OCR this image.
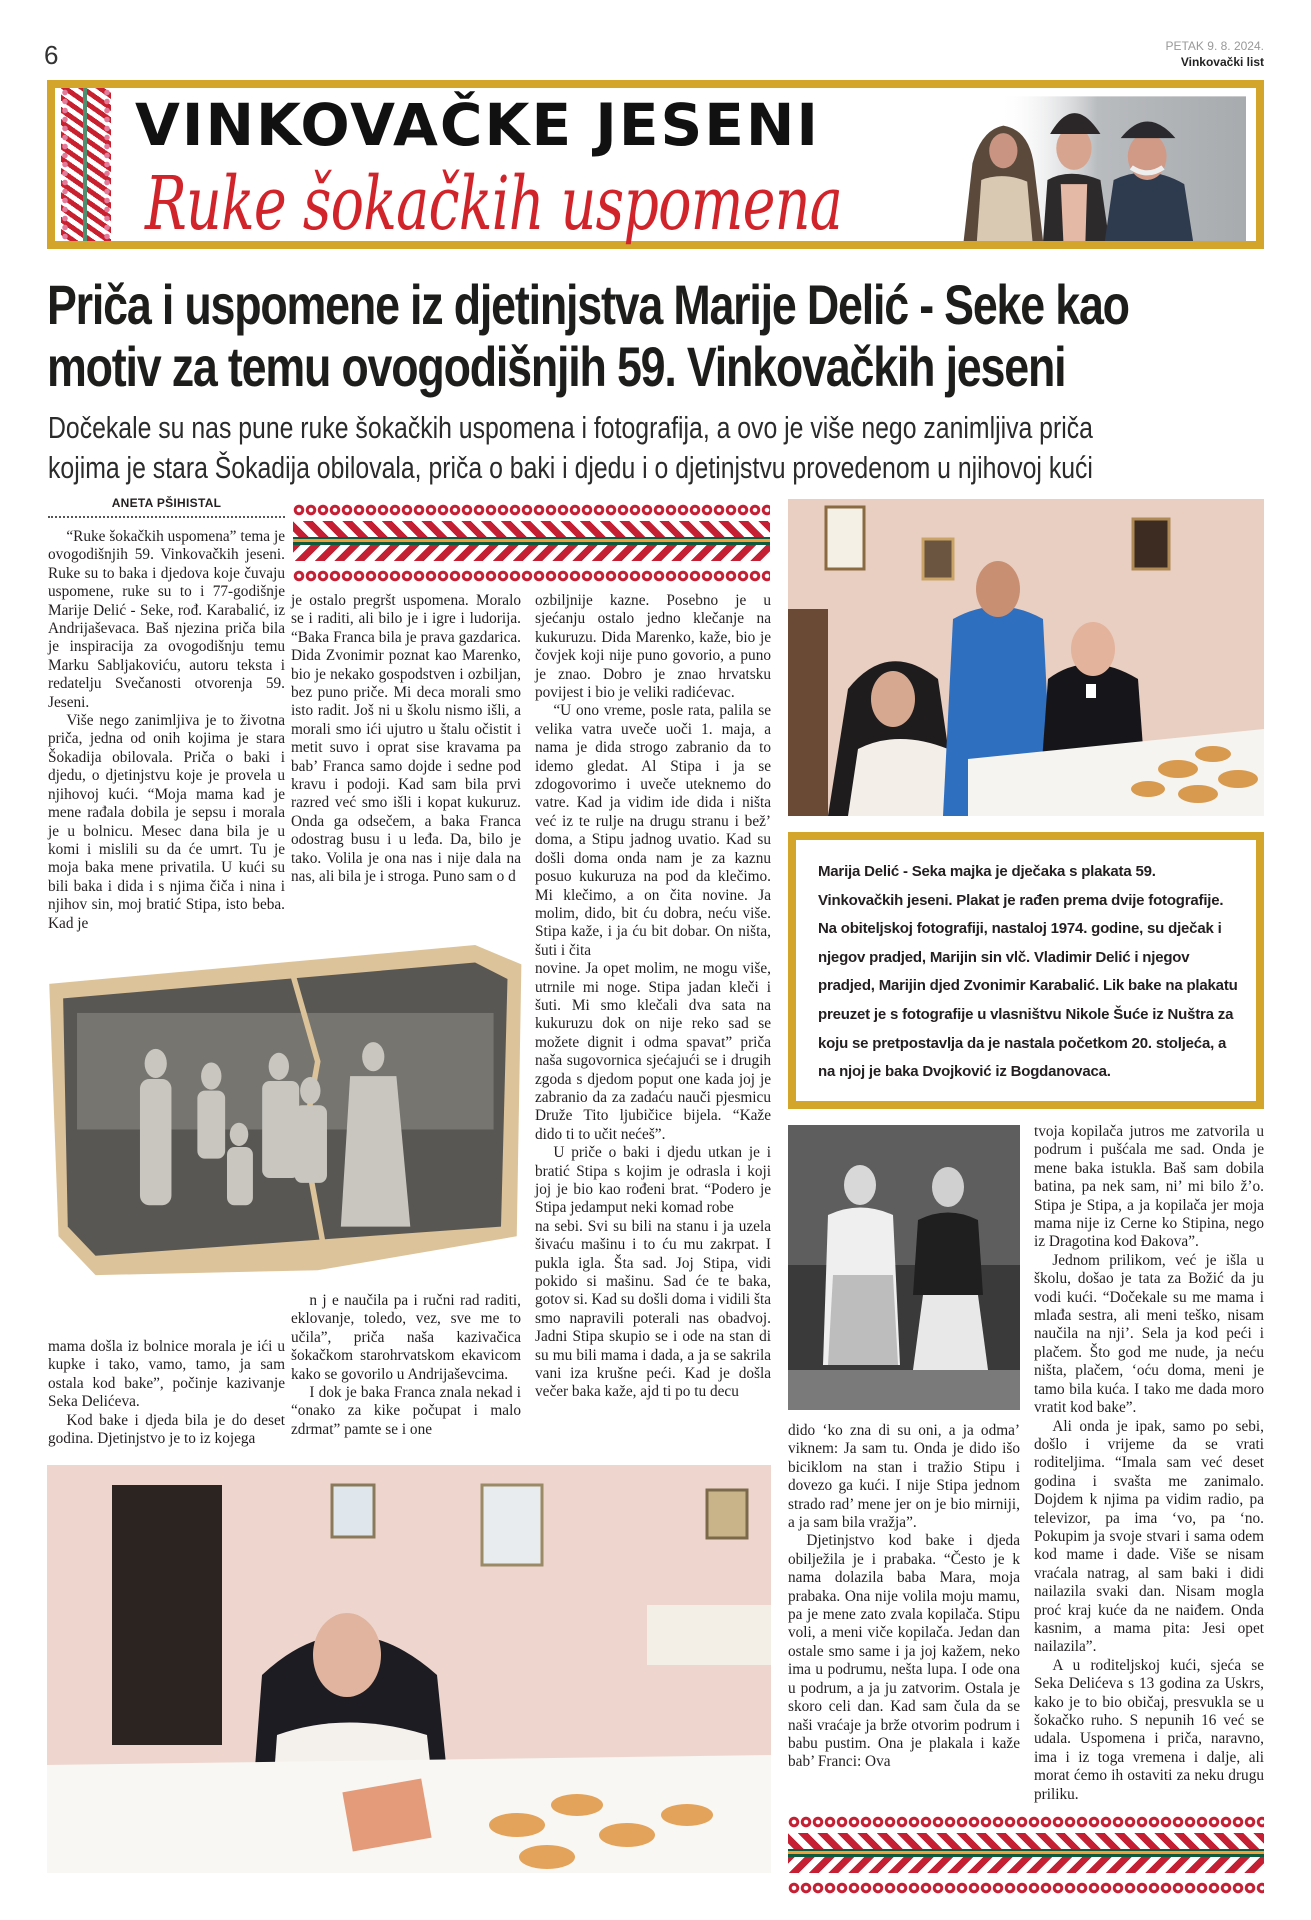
6	PETAK 9. 8. 2024.
Vinkovački list
VINKOVAČKE JESENI
Ruke šokačkih uspomena
Priča i uspomene iz djetinjstva Marije Delić - Seke kao
motiv za temu ovogodišnjih 59. Vinkovačkih jeseni
Dočekale su nas pune ruke šokačkih uspomena i fotografija, a ovo je više nego zanimljiva priča
kojima je stara Šokadija obilovala, priča o baki i djedu i o djetinjstvu provedenom u njihovoj kući
ANETA PŠIHISTAL

“Ruke šokačkih uspomena” tema je ovogodišnjih 59. Vinkovačkih jeseni. Ruke su to baka i djedova koje čuvaju uspomene, ruke su to i 77-godišnje Marije Delić - Seke, rođ. Karabalić, iz Andrijaševaca. Baš njezina priča bila je inspiracija za ovogodišnju temu Marku Sabljakoviću, autoru teksta i redatelju Svečanosti otvorenja 59. Jeseni.

Više nego zanimljiva je to životna priča, jedna od onih kojima je stara Šokadija obilovala. Priča o baki i djedu, o djetinjstvu koje je provela u njihovoj kući. “Moja mama kad je mene rađala dobila je sepsu i morala je u bolnicu. Mesec dana bila je u komi i mislili su da će umrt. Tu je moja baka mene privatila. U kući su bili baka i dida i s njima čiča i nina i njihov sin, moj bratić Stipa, isto beba. Kad je

mama došla iz bolnice morala je ići u kupke i tako, vamo, tamo, ja sam ostala kod bake”, počinje kazivanje Seka Delićeva.

Kod bake i djeda bila je do deset godina. Djetinjstvo je to iz kojega

je ostalo pregršt uspomena. Moralo se i raditi, ali bilo je i igre i ludorija. “Baka Franca bila je prava gazdarica. Dida Zvonimir poznat kao Marenko, bio je nekako gospodstven i ozbiljan, bez puno priče. Mi deca morali smo isto radit. Još ni u školu nismo išli, a morali smo ići ujutro u štalu očistit i metit suvo i oprat sise kravama pa bab’ Franca samo dojde i sedne pod kravu i podoji. Kad sam bila prvi razred već smo išli i kopat kukuruz. Onda ga odsečem, a baka Franca odostrag busu i u leđa. Da, bilo je tako. Volila je ona nas i nije dala na nas, ali bila je i stroga. Puno sam o d

n j e naučila pa i ručni rad raditi, eklovanje, toledo, vez, sve me to učila”, priča naša kazivačica šokačkom starohrvatskom ekavicom kako se govorilo u Andrijaševcima.

I dok je baka Franca znala nekad i “onako za kike počupat i malo zdrmat” pamte se i one

ozbiljnije kazne. Posebno je u sjećanju ostalo jedno klečanje na kukuruzu. Dida Marenko, kaže, bio je čovjek koji nije puno govorio, a puno je znao. Dobro je znao hrvatsku povijest i bio je veliki radićevac.

“U ono vreme, posle rata, palila se velika vatra uveče uoči 1. maja, a nama je dida strogo zabranio da to idemo gledat. Al Stipa i ja se zdogovorimo i uveče uteknemo do vatre. Kad ja vidim ide dida i ništa već iz te rulje na drugu stranu i bež’ doma, a Stipu jadnog uvatio. Kad su došli doma onda nam je za kaznu posuo kukuruza na pod da klečimo. Mi klečimo, a on čita novine. Ja molim, dido, bit ću dobra, neću više. Stipa kaže, i ja ću bit dobar. On ništa, šuti i čita

novine. Ja opet molim, ne mogu više, utrnile mi noge. Stipa jadan kleči i šuti. Mi smo klečali dva sata na kukuruzu dok on nije reko sad se možete dignit i odma spavat” priča naša sugovornica sjećajući se i drugih zgoda s djedom poput one kada joj je zabranio da za zadaću nauči pjesmicu Druže Tito ljubičice bijela. “Kaže dido ti to učit nećeš”.

U priče o baki i djedu utkan je i bratić Stipa s kojim je odrasla i koji joj je bio kao rođeni brat. “Podero je Stipa jedamput neki komad robe

na sebi. Svi su bili na stanu i ja uzela šivaću mašinu i to ću mu zakrpat. I pukla igla. Šta sad. Joj Stipa, vidi pokido si mašinu. Sad će te baka, gotov si. Kad su došli doma i vidili šta smo napravili poterali nas obadvoj. Jadni Stipa skupio se i ode na stan di su mu bili mama i dada, a ja se sakrila vani iza krušne peći. Kad je došla večer baka kaže, ajd ti po tu decu

Marija Delić - Seka majka je dječaka s plakata 59. Vinkovačkih jeseni. Plakat je rađen prema dvije fotografije. Na obiteljskoj fotografiji, nastaloj 1974. godine, su dječak i njegov pradjed, Marijin sin vlč. Vladimir Delić i njegov pradjed, Marijin djed Zvonimir Karabalić. Lik bake na plakatu preuzet je s fotografije u vlasništvu Nikole Šuće iz Nuštra za koju se pretpostavlja da je nastala početkom 20. stoljeća, a na njoj je baka Dvojković iz Bogdanovaca.

dido ‘ko zna di su oni, a ja odma’ viknem: Ja sam tu. Onda je dido išo biciklom na stan i tražio Stipu i dovezo ga kući. I nije Stipa jednom strado rad’ mene jer on je bio mirniji, a ja sam bila vražja”.

Djetinjstvo kod bake i djeda obilježila je i prabaka. “Često je k nama dolazila baba Mara, moja prabaka. Ona nije volila moju mamu, pa je mene zato zvala kopilača. Stipu voli, a meni viče kopilača. Jedan dan ostale smo same i ja joj kažem, neko ima u podrumu, nešta lupa. I ode ona u podrum, a ja ju zatvorim. Ostala je skoro celi dan. Kad sam čula da se naši vraćaje ja brže otvorim podrum i babu pustim. Ona je plakala i kaže bab’ Franci: Ova

tvoja kopilača jutros me zatvorila u podrum i pušćala me sad. Onda je mene baka istukla. Baš sam dobila batina, pa nek sam, ni’ mi bilo ž’o. Stipa je Stipa, a ja kopilača jer moja mama nije iz Cerne ko Stipina, nego iz Dragotina kod Đakova”.

Jednom prilikom, već je išla u školu, došao je tata za Božić da ju vodi kući. “Dočekale su me mama i mlađa sestra, ali meni teško, nisam naučila na nji’. Sela ja kod peći i plačem. Što god me nude, ja neću ništa, plačem, ‘oću doma, meni je tamo bila kuća. I tako me dada moro vratit kod bake”.

Ali onda je ipak, samo po sebi, došlo i vrijeme da se vrati roditeljima. “Imala sam već deset godina i svašta me zanimalo. Dojdem k njima pa vidim radio, pa televizor, pa ima ‘vo, pa ‘no. Pokupim ja svoje stvari i sama odem kod mame i dade. Više se nisam vraćala natrag, al sam baki i didi nailazila svaki dan. Nisam mogla proć kraj kuće da ne naiđem. Onda kasnim, a mama pita: Jesi opet nailazila”.

A u roditeljskoj kući, sjeća se Seka Delićeva s 13 godina za Uskrs, kako je to bio običaj, presvukla se u šokačko ruho. S nepunih 16 već se udala. Uspomena i priča, naravno, ima i iz toga vremena i dalje, ali morat ćemo ih ostaviti za neku drugu priliku.
